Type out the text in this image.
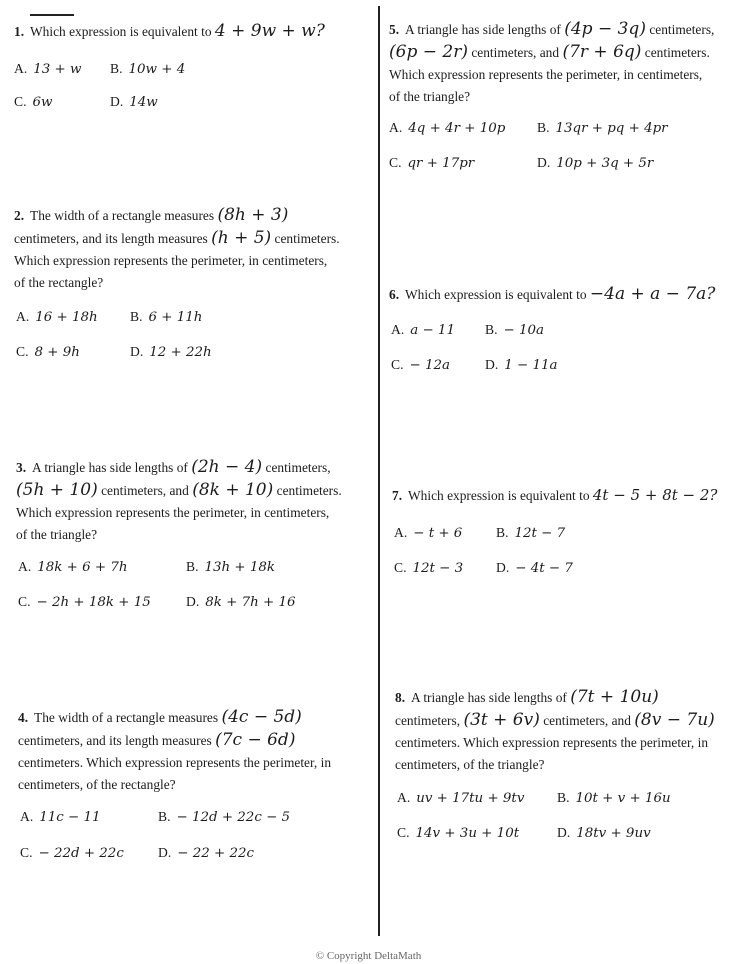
1. Which expression is equivalent to 4 + 9w + w?
A. 13 + w B. 10w + 4
C. 6w	D. 14w
2. The width of a rectangle measures (8h + 3)
centimeters, and its length measures (h + 5) centimeters.
Which expression represents the perimeter, in centimeters,
of the rectangle?
A. 16 + 18h B. 6 + 11h
C. 8 + 9h	D. 12 + 22h
3. A triangle has side lengths of (2h − 4) centimeters,
(5h + 10) centimeters, and (8k + 10) centimeters.
Which expression represents the perimeter, in centimeters,
of the triangle?
A. 18k + 6 + 7h	B. 13h + 18k
C. − 2h + 18k + 15	D. 8k + 7h + 16
4. The width of a rectangle measures (4c − 5d)
centimeters, and its length measures (7c − 6d)
centimeters. Which expression represents the perimeter, in
centimeters, of the rectangle?
A. 11c − 11	B. − 12d + 22c − 5
C. − 22d + 22c	D. − 22 + 22c
5. A triangle has side lengths of (4p − 3q) centimeters,
(6p − 2r) centimeters, and (7r + 6q) centimeters.
Which expression represents the perimeter, in centimeters,
of the triangle?
A. 4q + 4r + 10p B. 13qr + pq + 4pr
C. qr + 17pr	D. 10p + 3q + 5r
6. Which expression is equivalent to −4a + a − 7a?
A. a − 11 B. − 10a
C. − 12a	D. 1 − 11a
7. Which expression is equivalent to 4t − 5 + 8t − 2?
A. − t + 6 B. 12t − 7
C. 12t − 3 D. − 4t − 7
8. A triangle has side lengths of (7t + 10u)
centimeters, (3t + 6v) centimeters, and (8v − 7u)
centimeters. Which expression represents the perimeter, in
centimeters, of the triangle?
A. uv + 17tu + 9tv B. 10t + v + 16u
C. 14v + 3u + 10t	D. 18tv + 9uv
© Copyright DeltaMath
